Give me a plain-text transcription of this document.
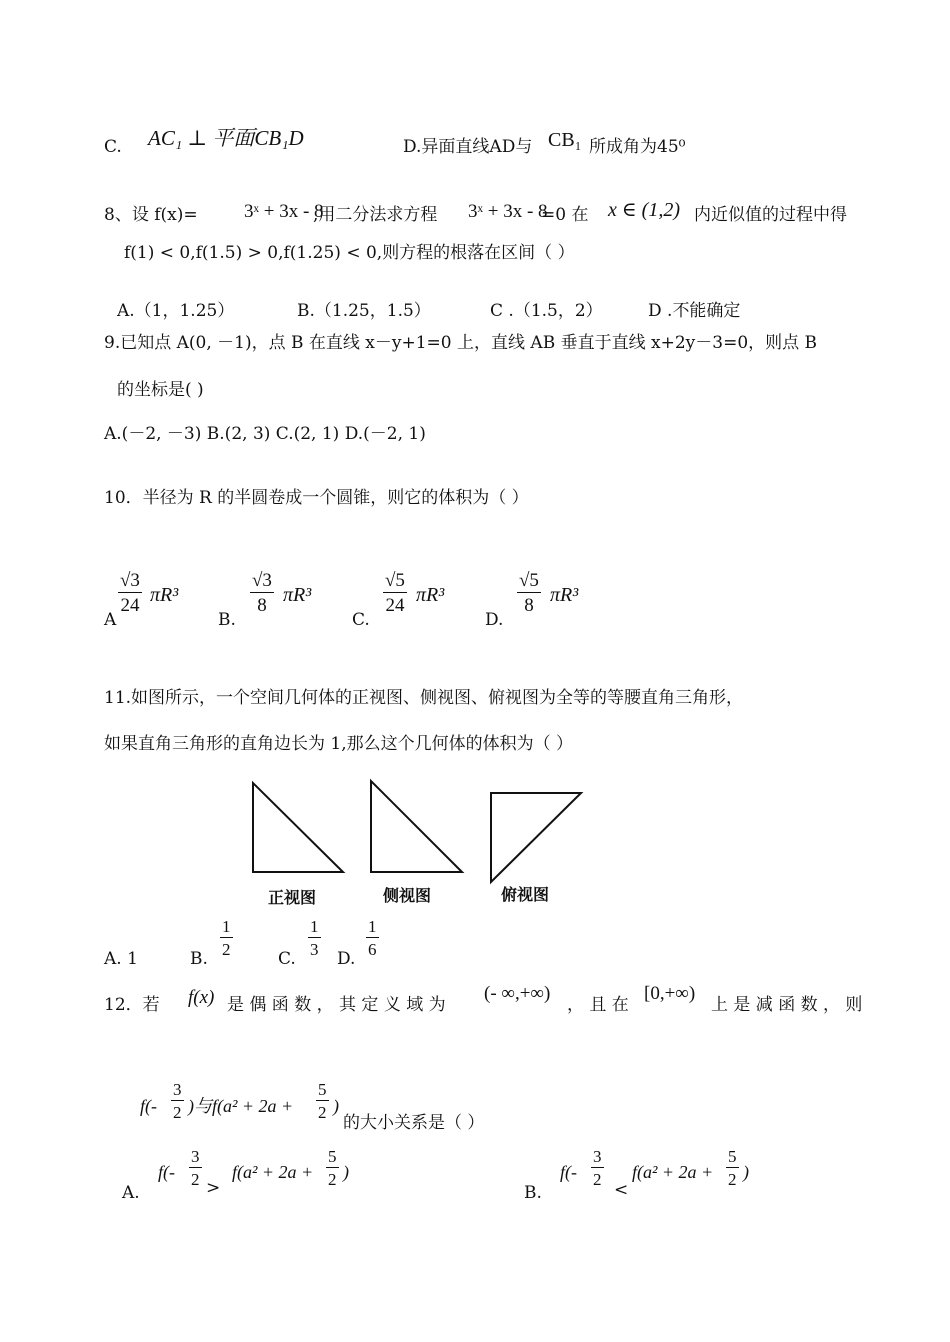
C. AC₁ ⊥ 平面CB₁D	D.异面直线AD与 CB₁ 所成角为45⁰
8、设 f(x)= 3ˣ + 3x - 8
,用二分法求方程 3ˣ + 3x - 8
=0 在 x ∈ (1,2) 内近似值的过程中得
f(1) < 0,f(1.5) > 0,f(1.25) < 0,则方程的根落在区间（ ）
A.（1，1.25）	B.（1.25，1.5）	C .（1.5，2）	D .不能确定
9.已知点 A(0, －1)，点 B 在直线 x－y+1=0 上，直线 AB 垂直于直线 x+2y－3=0，则点 B
的坐标是( )
A.(－2, －3) B.(2, 3) C.(2, 1) D.(－2, 1)
10．半径为 R 的半圆卷成一个圆锥，则它的体积为（ ）
A
$\frac{√3}{24} \pi R^3$
B.
$\frac{√3}{8} \pi R^3$
C.
$\frac{√5}{24} \pi R^3$
D.
$\frac{√5}{8} \pi R^3$
11.如图所示，一个空间几何体的正视图、侧视图、俯视图为全等的等腰直角三角形，
如果直角三角形的直角边长为 1,那么这个几何体的体积为（ ）
正视图	侧视图	俯视图
A. 1	B.
$\frac{1}{2}$
C.
$\frac{1}{3}$
D.
$\frac{1}{6}$
12．若 f(x) 是 偶 函 数 ， 其 定 义 域 为
(- ∞,+∞)
， 且 在
[0,+∞)
上 是 减 函 数 ， 则
$f(- \frac{3}{2}$ )与$f(a^2 + 2a + \frac{5}{2}$ )
的大小关系是（ ）
A.
$f(- \frac{3}{2}$ >
$f(a^2 + 2a + \frac{5}{2}$ )
B.
$f(- \frac{3}{2}$
<
$f(a^2 + 2a + \frac{5}{2}$ )
